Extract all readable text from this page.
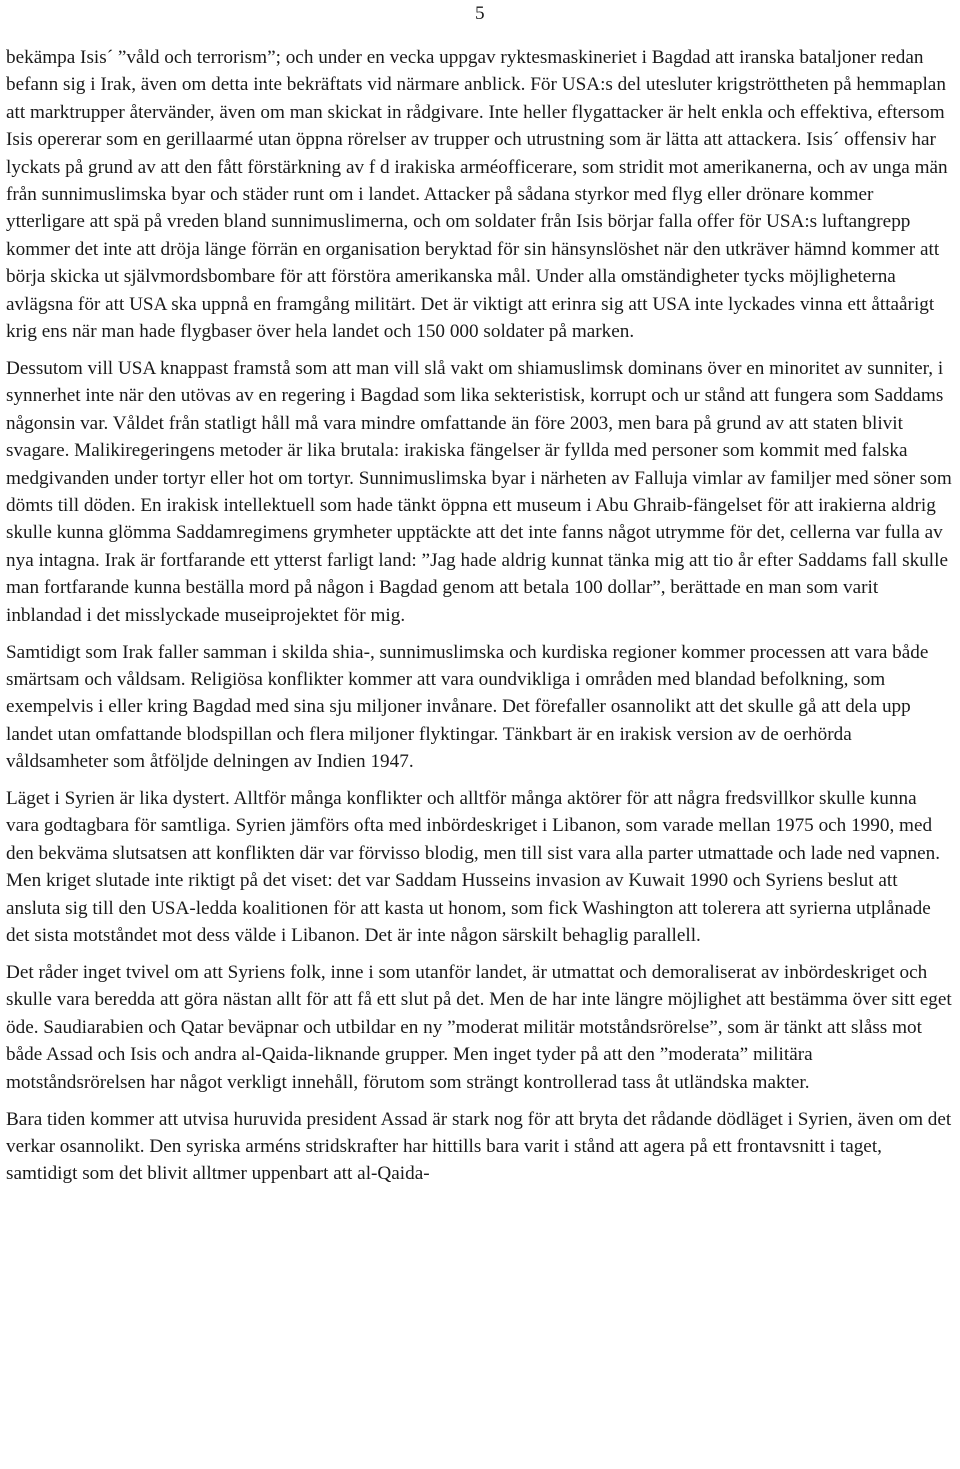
5

bekämpa Isis´ ”våld och terrorism”; och under en vecka uppgav ryktesmaskineriet i Bagdad att iranska bataljoner redan befann sig i Irak, även om detta inte bekräftats vid närmare anblick. För USA:s del utesluter krigströttheten på hemmaplan att marktrupper återvänder, även om man skickat in rådgivare. Inte heller flygattacker är helt enkla och effektiva, eftersom Isis opererar som en gerillaarmé utan öppna rörelser av trupper och utrustning som är lätta att attackera. Isis´ offensiv har lyckats på grund av att den fått förstärkning av f d irakiska arméofficerare, som stridit mot amerikanerna, och av unga män från sunnimuslimska byar och städer runt om i landet. Attacker på sådana styrkor med flyg eller drönare kommer ytterligare att spä på vreden bland sunnimuslimerna, och om soldater från Isis börjar falla offer för USA:s luftangrepp kommer det inte att dröja länge förrän en organisation beryktad för sin hänsynslöshet när den utkräver hämnd kommer att börja skicka ut självmordsbombare för att förstöra amerikanska mål. Under alla omständigheter tycks möjligheterna avlägsna för att USA ska uppnå en framgång militärt. Det är viktigt att erinra sig att USA inte lyckades vinna ett åttaårigt krig ens när man hade flygbaser över hela landet och 150 000 soldater på marken.

Dessutom vill USA knappast framstå som att man vill slå vakt om shiamuslimsk dominans över en minoritet av sunniter, i synnerhet inte när den utövas av en regering i Bagdad som lika sekteristisk, korrupt och ur stånd att fungera som Saddams någonsin var. Våldet från statligt håll må vara mindre omfattande än före 2003, men bara på grund av att staten blivit svagare. Malikiregeringens metoder är lika brutala: irakiska fängelser är fyllda med personer som kommit med falska medgivanden under tortyr eller hot om tortyr. Sunnimuslimska byar i närheten av Falluja vimlar av familjer med söner som dömts till döden. En irakisk intellektuell som hade tänkt öppna ett museum i Abu Ghraib-fängelset för att irakierna aldrig skulle kunna glömma Saddamregimens grymheter upptäckte att det inte fanns något utrymme för det, cellerna var fulla av nya intagna. Irak är fortfarande ett ytterst farligt land: ”Jag hade aldrig kunnat tänka mig att tio år efter Saddams fall skulle man fortfarande kunna beställa mord på någon i Bagdad genom att betala 100 dollar”, berättade en man som varit inblandad i det misslyckade museiprojektet för mig.

Samtidigt som Irak faller samman i skilda shia-, sunnimuslimska och kurdiska regioner kommer processen att vara både smärtsam och våldsam. Religiösa konflikter kommer att vara oundvikliga i områden med blandad befolkning, som exempelvis i eller kring Bagdad med sina sju miljoner invånare. Det förefaller osannolikt att det skulle gå att dela upp landet utan omfattande blodspillan och flera miljoner flyktingar. Tänkbart är en irakisk version av de oerhörda våldsamheter som åtföljde delningen av Indien 1947.

Läget i Syrien är lika dystert. Alltför många konflikter och alltför många aktörer för att några fredsvillkor skulle kunna vara godtagbara för samtliga. Syrien jämförs ofta med inbördeskriget i Libanon, som varade mellan 1975 och 1990, med den bekväma slutsatsen att konflikten där var förvisso blodig, men till sist vara alla parter utmattade och lade ned vapnen. Men kriget slutade inte riktigt på det viset: det var Saddam Husseins invasion av Kuwait 1990 och Syriens beslut att ansluta sig till den USA-ledda koalitionen för att kasta ut honom, som fick Washington att tolerera att syrierna utplånade det sista motståndet mot dess välde i Libanon. Det är inte någon särskilt behaglig parallell.

Det råder inget tvivel om att Syriens folk, inne i som utanför landet, är utmattat och demoraliserat av inbördeskriget och skulle vara beredda att göra nästan allt för att få ett slut på det. Men de har inte längre möjlighet att bestämma över sitt eget öde. Saudiarabien och Qatar beväpnar och utbildar en ny ”moderat militär motståndsrörelse”, som är tänkt att slåss mot både Assad och Isis och andra al-Qaida-liknande grupper. Men inget tyder på att den ”moderata” militära motståndsrörelsen har något verkligt innehåll, förutom som strängt kontrollerad tass åt utländska makter.

Bara tiden kommer att utvisa huruvida president Assad är stark nog för att bryta det rådande dödläget i Syrien, även om det verkar osannolikt. Den syriska arméns stridskrafter har hittills bara varit i stånd att agera på ett frontavsnitt i taget, samtidigt som det blivit alltmer uppenbart att al-Qaida-
